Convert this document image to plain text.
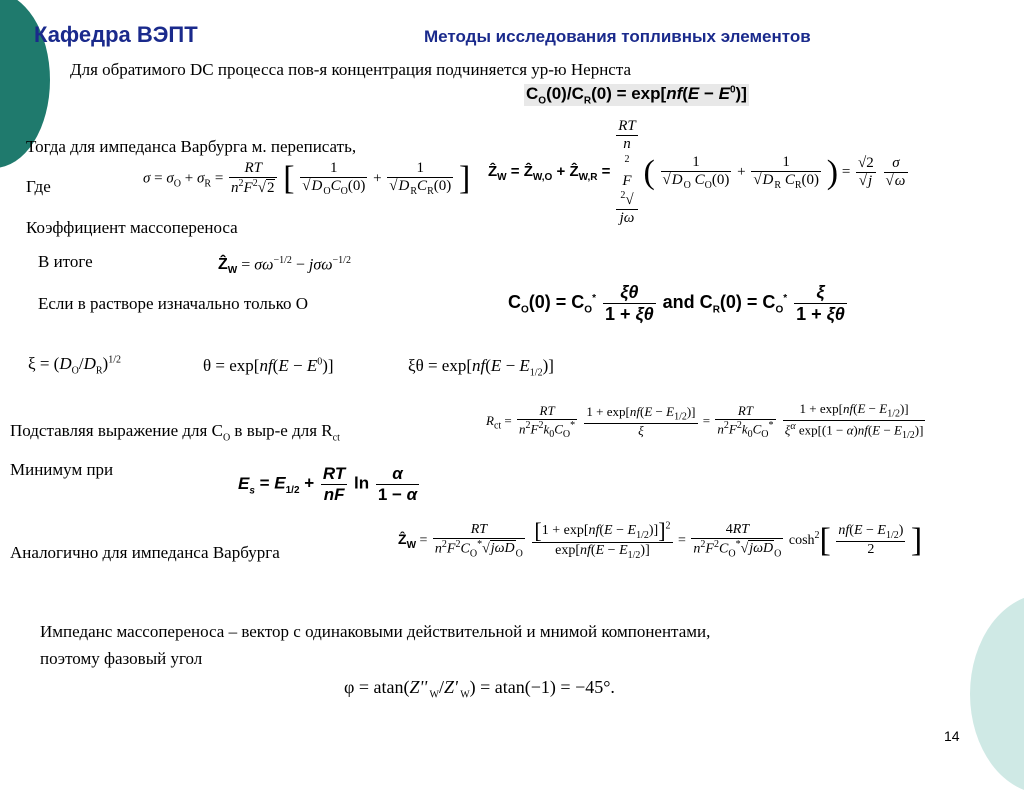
Кафедра ВЭПТ	Методы исследования топливных элементов
Для обратимого DC процесса пов-я концентрация подчиняется ур-ю Нернста
$C_O(0)/C_R(0) = \exp[nf(E - E^0)]$
Тогда для импеданса Варбурга м. переписать,
Ẑ$_W$ = Ẑ$_{W,O}$ + Ẑ$_{W,R}$ =
RT
n
$^2$
F
$^2$√
jω
( $\frac{1}{√D_O C_O(0)} + \frac{1}{√D_R C_R(0)}$ ) = $\frac{√2}{√j}$
$\frac{\sigma}{√\omega}$
Где	$\sigma = \sigma_O + \sigma_R = \frac{RT}{n^2F^2√2}$ [ $\frac{1}{√D_OC_O(0)} + \frac{1}{√D_RC_R(0)}$ ]
Коэффициент массопереноса
В итоге	Ẑ$_W$ = $\sigma\omega^{-1/2} - j\sigma\omega^{-1/2}$
Если в растворе изначально только О	$C_O(0) = C_O^* \frac{\xi\theta}{1 + \xi\theta}$ and $C_R(0) = C_O^* \frac{\xi}{1 + \xi\theta}$
$\xi = (D_O/D_R)^{1/2}$	$\theta = \exp[nf(E - E^0)]$	$\xi\theta = \exp[nf(E - E_{1/2})]$
Подставляя выражение для $C_O$ в выр-е для $R_{ct}$
$R_{ct} = \frac{RT}{n^2F^2k_0C_O^*}$
$\frac{1 + \exp[nf(E - E_{1/2})]}{\xi} = \frac{RT}{n^2F^2k_0C_O^*}$
$\frac{1 + \exp[nf(E - E_{1/2})]}{\xi^\alpha \exp[(1 - \alpha)nf(E - E_{1/2})]}$
Минимум при
$E_s = E_{1/2} + \frac{RT}{nF}$ $\ln \frac{\alpha}{1 - \alpha}$
Аналогично для импеданса Варбурга
Ẑ$_W$ = $\frac{RT}{n^2F^2C_O^*√j\omega D_O}$
$\frac{[1 + \exp[nf(E - E_{1/2})]]^2}{\exp[nf(E - E_{1/2})]} = \frac{4RT}{n^2F^2C_O^*√j\omega D_O} \cosh^2[ \frac{nf(E - E_{1/2})}{2}$ ]
Импеданс массопереноса – вектор с одинаковыми действительной и мнимой компонентами,
поэтому фазовый угол
φ = atan(Z'' $_W$/Z' $_W$) = atan(−1) = −45°.
14
